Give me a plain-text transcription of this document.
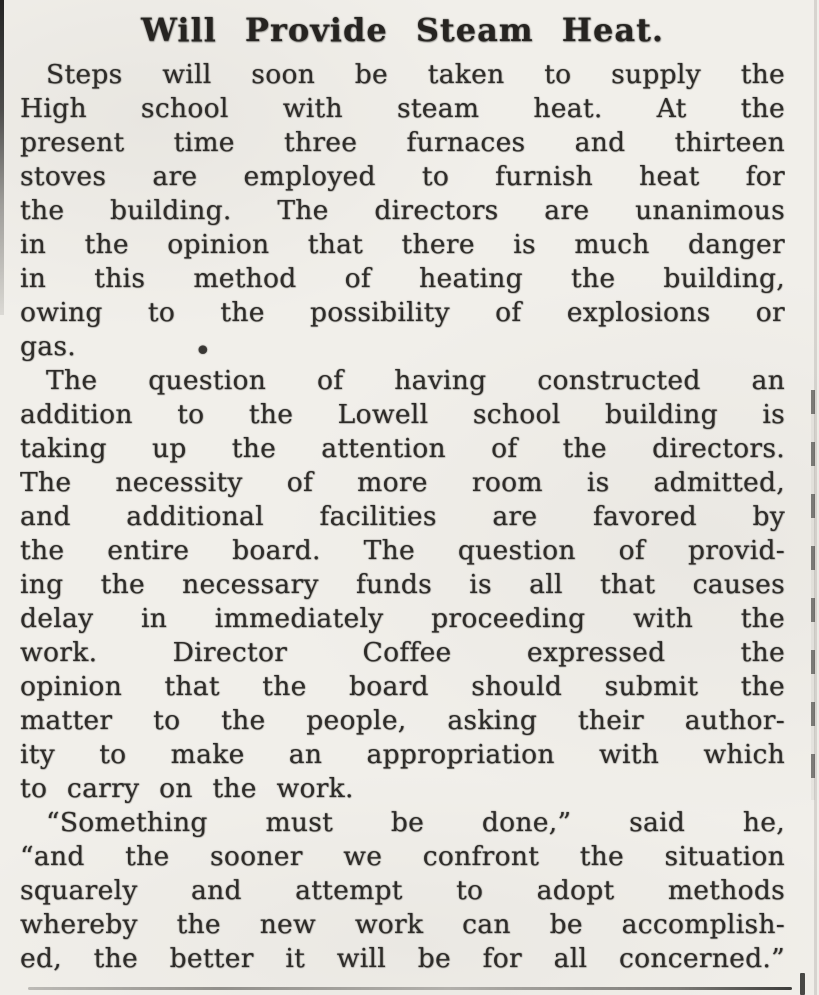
Will Provide Steam Heat.
Steps will soon be taken to supply the
High school with steam heat. At the
present time three furnaces and thirteen
stoves are employed to furnish heat for
the building. The directors are unanimous
in the opinion that there is much danger
in this method of heating the building,
owing to the possibility of explosions or
gas.
The question of having constructed an
addition to the Lowell school building is
taking up the attention of the directors.
The necessity of more room is admitted,
and additional facilities are favored by
the entire board. The question of provid-
ing the necessary funds is all that causes
delay in immediately proceeding with the
work. Director Coffee expressed the
opinion that the board should submit the
matter to the people, asking their author-
ity to make an appropriation with which
to carry on the work.
“Something must be done,” said he,
“and the sooner we confront the situation
squarely and attempt to adopt methods
whereby the new work can be accomplish-
ed, the better it will be for all concerned.”
•
